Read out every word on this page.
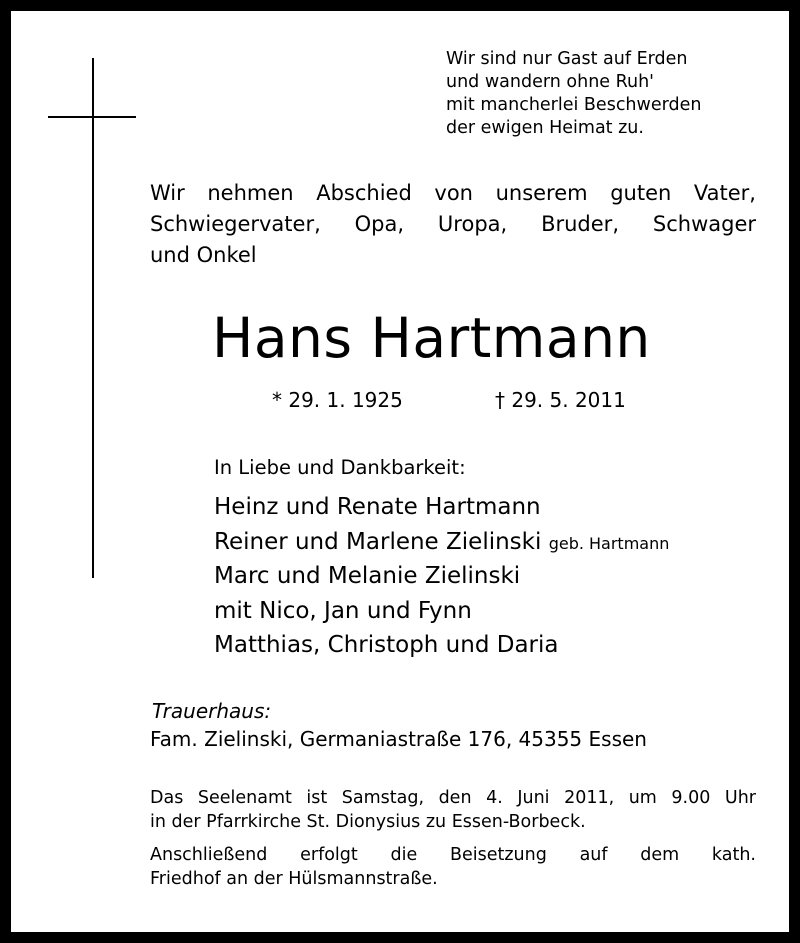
Wir sind nur Gast auf Erden
und wandern ohne Ruh'
mit mancherlei Beschwerden
der ewigen Heimat zu.
Wir nehmen Abschied von unserem guten Vater,
Schwiegervater, Opa, Uropa, Bruder, Schwager
und Onkel
Hans Hartmann
* 29. 1. 1925	† 29. 5. 2011
In Liebe und Dankbarkeit:
Heinz und Renate Hartmann
Reiner und Marlene Zielinski geb. Hartmann
Marc und Melanie Zielinski
mit Nico, Jan und Fynn
Matthias, Christoph und Daria
Trauerhaus:
Fam. Zielinski, Germaniastraße 176, 45355 Essen
Das Seelenamt ist Samstag, den 4. Juni 2011, um 9.00 Uhr
in der Pfarrkirche St. Dionysius zu Essen-Borbeck.
Anschließend erfolgt die Beisetzung auf dem kath.
Friedhof an der Hülsmannstraße.
